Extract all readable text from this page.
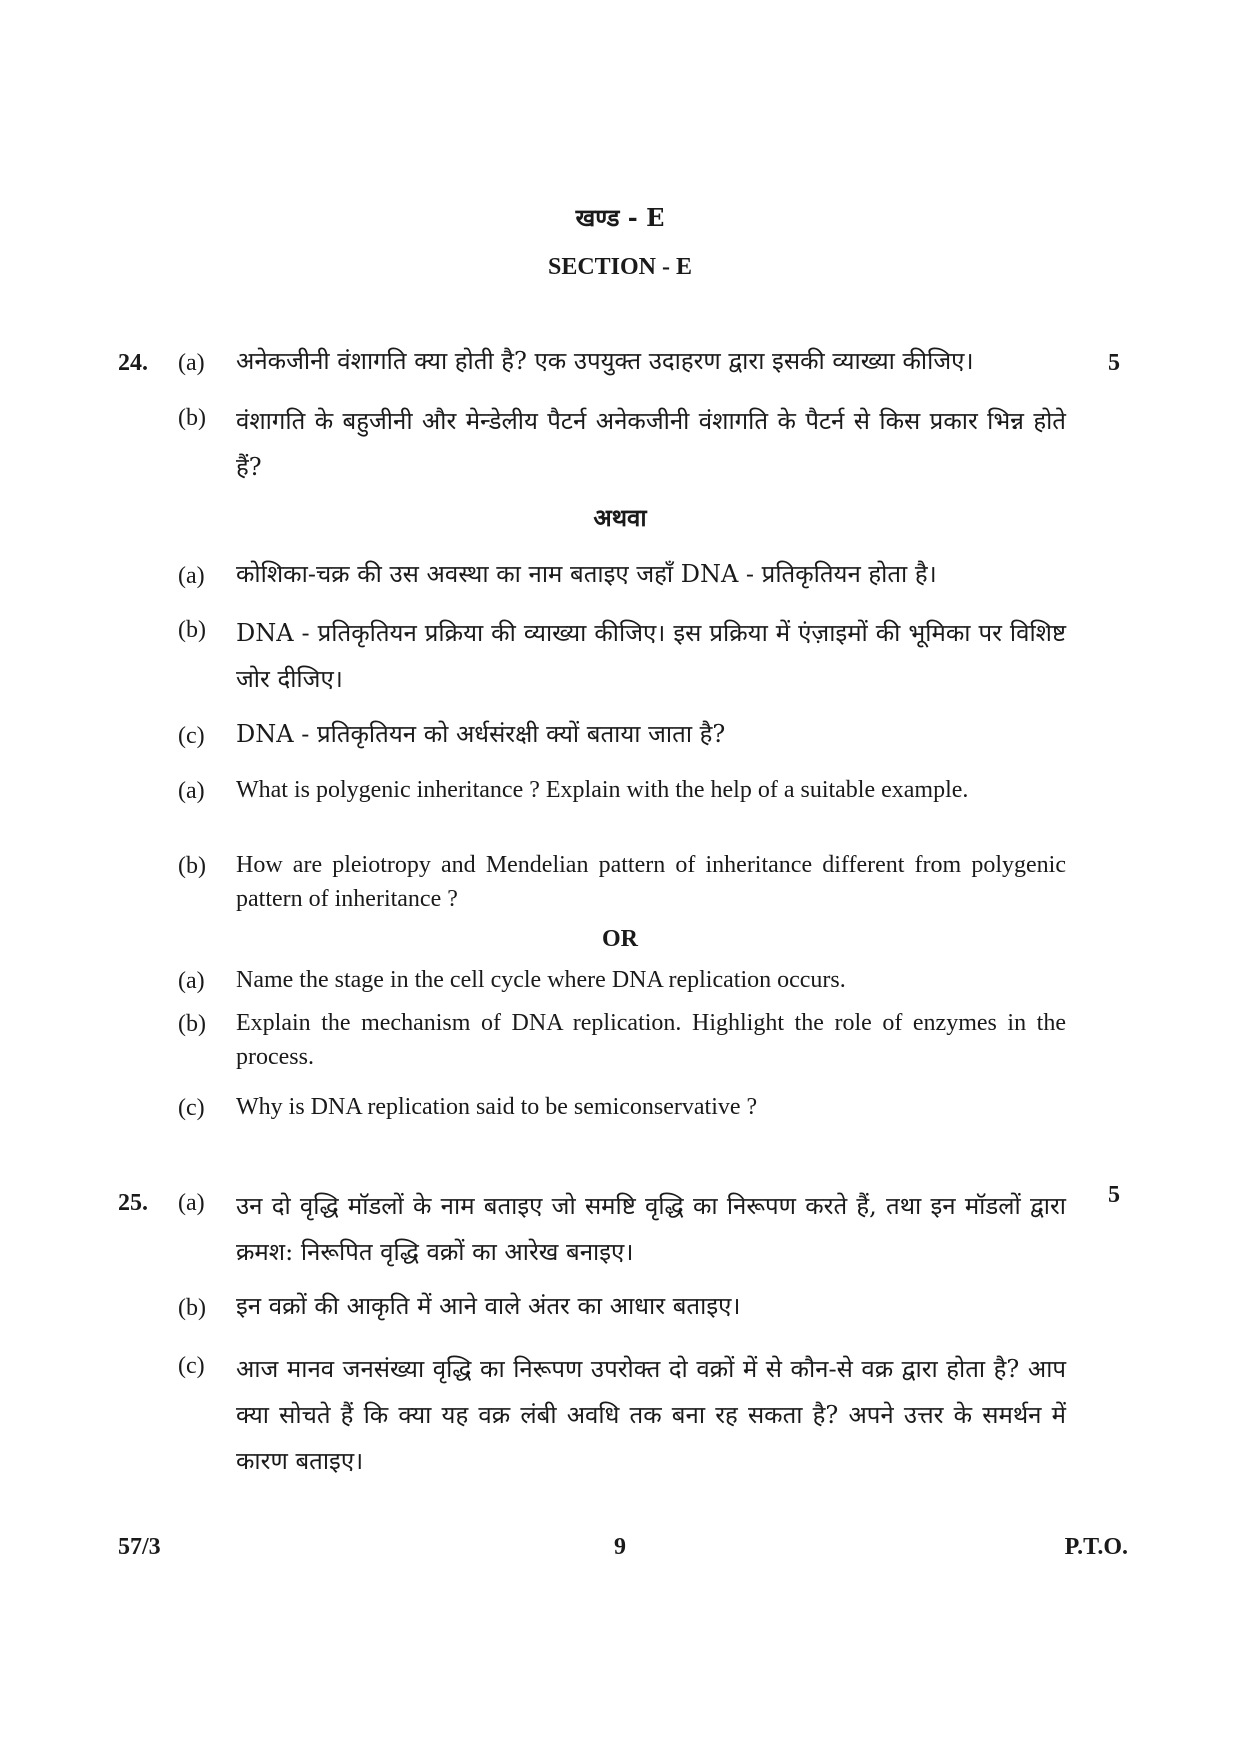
खण्ड - E
SECTION - E
24. (a) अनेकजीनी वंशागति क्या होती है? एक उपयुक्त उदाहरण द्वारा इसकी व्याख्या कीजिए।	5
(b) वंशागति के बहुजीनी और मेन्डेलीय पैटर्न अनेकजीनी वंशागति के पैटर्न से किस प्रकार भिन्न होते हैं?
अथवा
(a) कोशिका-चक्र की उस अवस्था का नाम बताइए जहाँ DNA - प्रतिकृतियन होता है।
(b) DNA - प्रतिकृतियन प्रक्रिया की व्याख्या कीजिए। इस प्रक्रिया में एंज़ाइमों की भूमिका पर विशिष्ट जोर दीजिए।
(c) DNA - प्रतिकृतियन को अर्धसंरक्षी क्यों बताया जाता है?
(a) What is polygenic inheritance ? Explain with the help of a suitable example.
(b) How are pleiotropy and Mendelian pattern of inheritance different from polygenic pattern of inheritance ?
OR
(a) Name the stage in the cell cycle where DNA replication occurs.
(b) Explain the mechanism of DNA replication. Highlight the role of enzymes in the process.
(c) Why is DNA replication said to be semiconservative ?
25. (a) उन दो वृद्धि मॉडलों के नाम बताइए जो समष्टि वृद्धि का निरूपण करते हैं, तथा इन मॉडलों द्वारा क्रमश: निरूपित वृद्धि वक्रों का आरेख बनाइए।
5
(b) इन वक्रों की आकृति में आने वाले अंतर का आधार बताइए।
(c) आज मानव जनसंख्या वृद्धि का निरूपण उपरोक्त दो वक्रों में से कौन-से वक्र द्वारा होता है? आप क्या सोचते हैं कि क्या यह वक्र लंबी अवधि तक बना रह सकता है? अपने उत्तर के समर्थन में कारण बताइए।
57/3	9	P.T.O.
